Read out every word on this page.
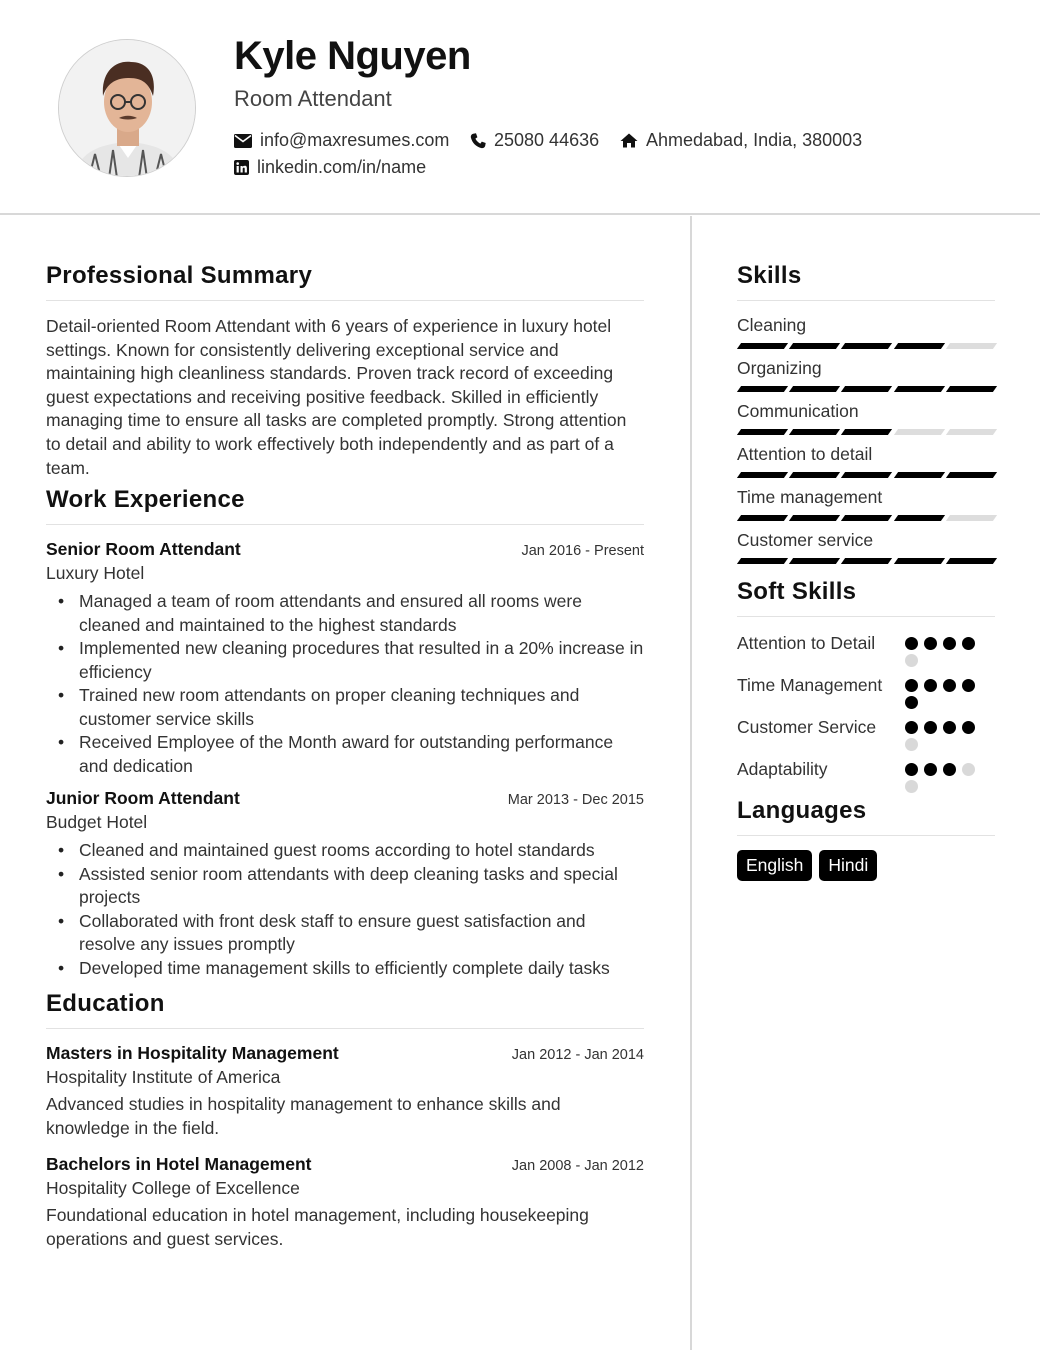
Kyle Nguyen
Room Attendant
info@maxresumes.com 25080 44636	Ahmedabad, India, 380003
linkedin.com/in/name
Professional Summary

Detail-oriented Room Attendant with 6 years of experience in luxury hotel settings. Known for consistently delivering exceptional service and maintaining high cleanliness standards. Proven track record of exceeding guest expectations and receiving positive feedback. Skilled in efficiently managing time to ensure all tasks are completed promptly. Strong attention to detail and ability to work effectively both independently and as part of a team.

Work Experience
Senior Room Attendant	Jan 2016 - Present
Luxury Hotel
• Managed a team of room attendants and ensured all rooms were cleaned and maintained to the highest standards
• Implemented new cleaning procedures that resulted in a 20% increase in efficiency
• Trained new room attendants on proper cleaning techniques and customer service skills
• Received Employee of the Month award for outstanding performance and dedication
Junior Room Attendant	Mar 2013 - Dec 2015
Budget Hotel
• Cleaned and maintained guest rooms according to hotel standards
• Assisted senior room attendants with deep cleaning tasks and special projects
• Collaborated with front desk staff to ensure guest satisfaction and resolve any issues promptly
• Developed time management skills to efficiently complete daily tasks
Education
Masters in Hospitality Management	Jan 2012 - Jan 2014
Hospitality Institute of America
Advanced studies in hospitality management to enhance skills and knowledge in the field.
Bachelors in Hotel Management	Jan 2008 - Jan 2012
Hospitality College of Excellence
Foundational education in hotel management, including housekeeping operations and guest services.
Skills
Cleaning
Organizing
Communication
Attention to detail
Time management
Customer service
Soft Skills
Attention to Detail
Time Management
Customer Service
Adaptability
Languages
English	Hindi
